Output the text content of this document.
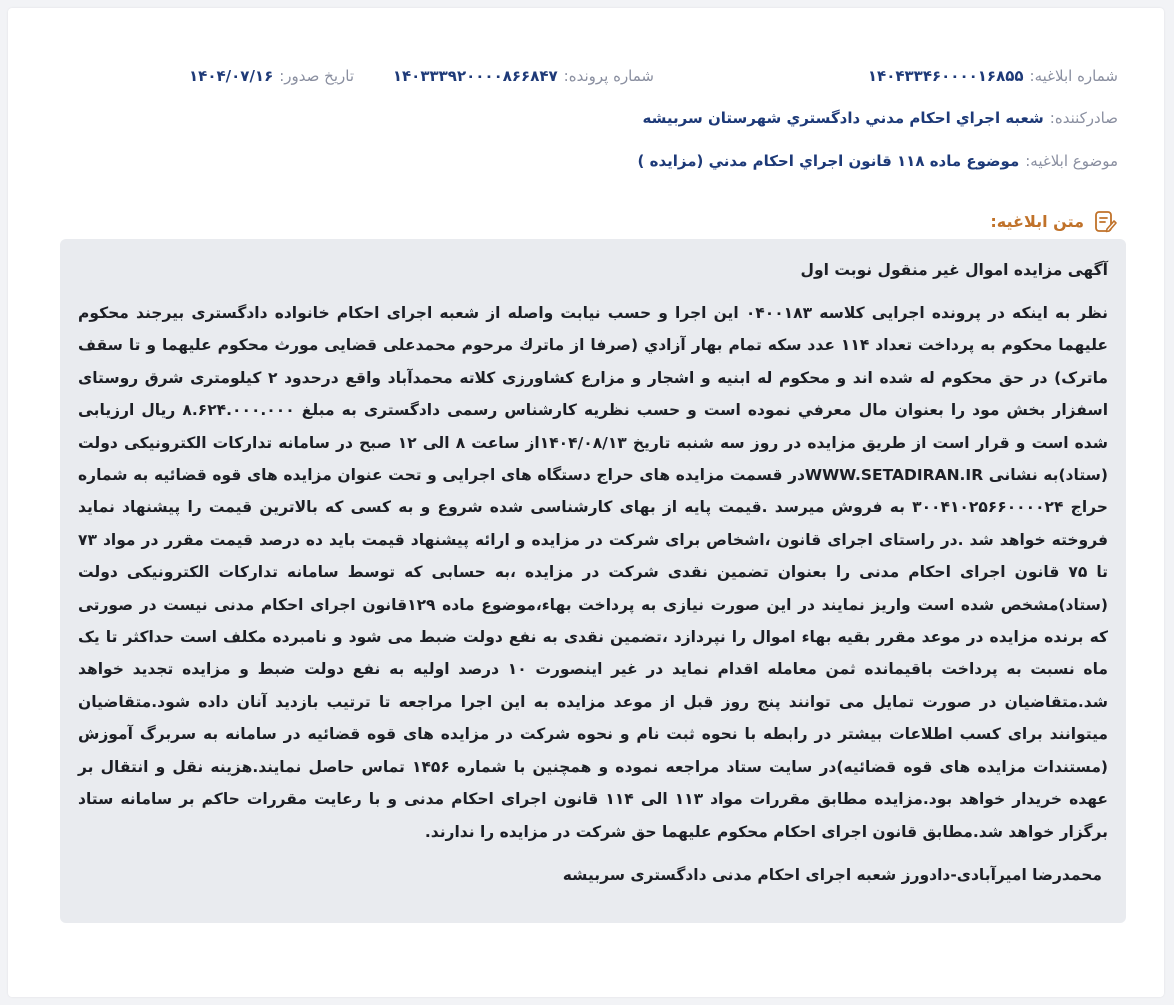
شماره ابلاغيه:
۱۴۰۴۳۳۴۶۰۰۰۰۱۶۸۵۵
شماره پرونده:
۱۴۰۳۳۳۹۲۰۰۰۰۸۶۶۸۴۷
تاريخ صدور:
۱۴۰۴/۰۷/۱۶
صادرکننده:
شعبه اجراي احکام مدني دادگستري شهرستان سربيشه
موضوع ابلاغيه:
موضوع ماده ۱۱۸ قانون اجراي احکام مدني (مزايده )
متن ابلاغيه:
آگهی مزایده اموال غیر منقول نوبت اول
نظر به اینکه در پرونده اجرایی کلاسه ۰۴۰۰۱۸۳ این اجرا و حسب نیابت واصله از شعبه اجرای احکام خانواده دادگستری بیرجند محکوم علیهما محکوم به پرداخت تعداد ۱۱۴ عدد سکه تمام بهار آزادي (صرفا از ماترك مرحوم محمدعلی قضایی مورث محکوم علیهما و تا سقف ماترک) در حق محکوم له شده اند و محکوم له ابنیه و اشجار و مزارع کشاورزی کلاته محمدآباد واقع درحدود ۲ کیلومتری شرق روستای اسفزار بخش مود را بعنوان مال معرفي نموده است و حسب نظریه کارشناس رسمی دادگستری به مبلغ ۸.۶۲۴.۰۰۰.۰۰۰ ریال ارزیابی شده است و قرار است از طریق مزایده در روز سه شنبه تاریخ ۱۴۰۴/۰۸/۱۳از ساعت ۸ الی ۱۲ صبح در سامانه تدارکات الکترونیکی دولت (ستاد)به نشانی WWW.SETADIRAN.IRدر قسمت مزایده های حراج دستگاه های اجرایی و تحت عنوان مزایده های قوه قضائیه به شماره حراج ۳۰۰۴۱۰۲۵۶۶۰۰۰۰۲۴ به فروش میرسد .قیمت پایه از بهای کارشناسی شده شروع و به کسی که بالاترین قیمت را پیشنهاد نماید فروخته خواهد شد .در راستای اجرای قانون ،اشخاص برای شرکت در مزایده و ارائه پیشنهاد قیمت باید ده درصد قیمت مقرر در مواد ۷۳ تا ۷۵ قانون اجرای احکام مدنی را بعنوان تضمین نقدی شرکت در مزایده ،به حسابی که توسط سامانه تدارکات الکترونیکی دولت (ستاد)مشخص شده است واریز نمایند در این صورت نیازی به پرداخت بهاء،موضوع ماده ۱۲۹قانون اجرای احکام مدنی نیست در صورتی که برنده مزایده در موعد مقرر بقیه بهاء اموال را نپردازد ،تضمین نقدی به نفع دولت ضبط می شود و نامبرده مکلف است حداکثر تا یک ماه نسبت به پرداخت باقیمانده ثمن معامله اقدام نماید در غیر اینصورت ۱۰ درصد اولیه به نفع دولت ضبط و مزایده تجدید خواهد شد.متقاضیان در صورت تمایل می توانند پنج روز قبل از موعد مزایده به این اجرا مراجعه تا ترتیب بازدید آنان داده شود.متقاضیان میتوانند برای کسب اطلاعات بیشتر در رابطه با نحوه ثبت نام و نحوه شرکت در مزایده های قوه قضائیه در سامانه به سربرگ آموزش (مستندات مزایده های قوه قضائیه)در سایت ستاد مراجعه نموده و همچنین با شماره ۱۴۵۶ تماس حاصل نمایند.هزینه نقل و انتقال بر عهده خریدار خواهد بود.مزایده مطابق مقررات مواد ۱۱۳ الی ۱۱۴ قانون اجرای احکام مدنی و با رعایت مقررات حاکم بر سامانه ستاد برگزار خواهد شد.مطابق قانون اجرای احکام محکوم علیهما حق شرکت در مزایده را ندارند.
محمدرضا امیرآبادی-دادورز شعبه اجرای احکام مدنی دادگستری سربیشه
